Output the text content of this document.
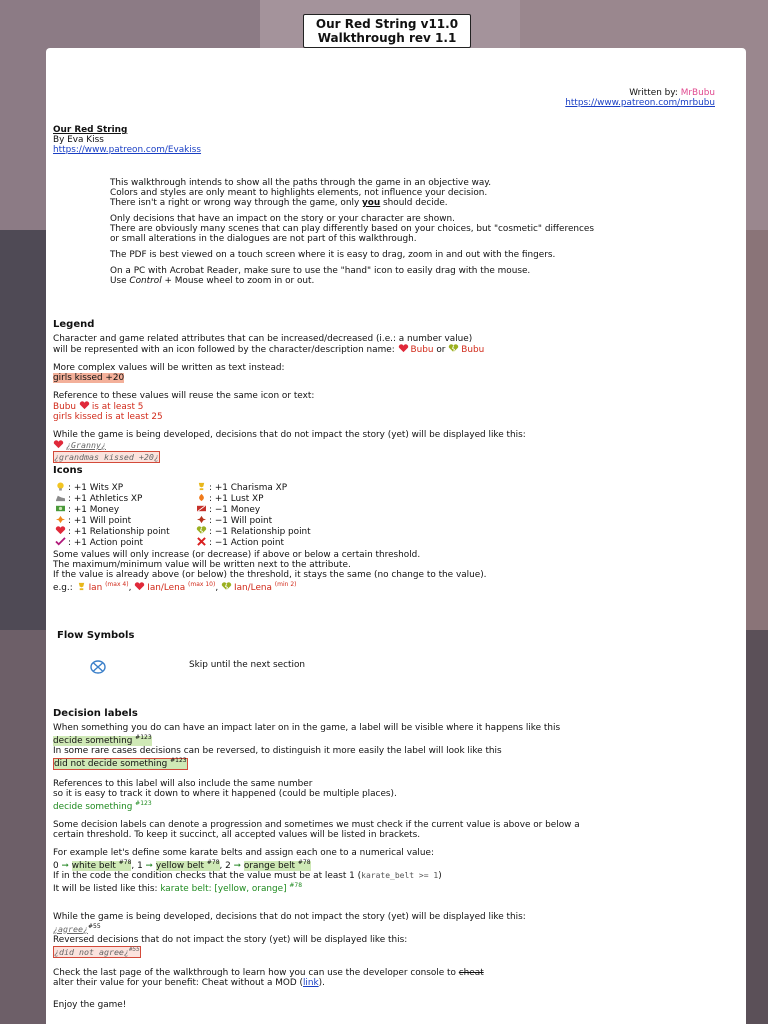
Our Red String v11.0
Walkthrough rev 1.1
Written by: MrBubu
https://www.patreon.com/mrbubu
Our Red String
By Eva Kiss
https://www.patreon.com/Evakiss
This walkthrough intends to show all the paths through the game in an objective way.
Colors and styles are only meant to highlights elements, not influence your decision.
There isn't a right or wrong way through the game, only you should decide.
Only decisions that have an impact on the story or your character are shown.
There are obviously many scenes that can play differently based on your choices, but "cosmetic" differences
or small alterations in the dialogues are not part of this walkthrough.
The PDF is best viewed on a touch screen where it is easy to drag, zoom in and out with the fingers.
On a PC with Acrobat Reader, make sure to use the "hand" icon to easily drag with the mouse.
Use Control + Mouse wheel to zoom in or out.
Legend
Character and game related attributes that can be increased/decreased (i.e.: a number value)
will be represented with an icon followed by the character/description name: Bubu or Bubu
More complex values will be written as text instead:
girls kissed +20
Reference to these values will reuse the same icon or text:
Bubu is at least 5
girls kissed is at least 25
While the game is being developed, decisions that do not impact the story (yet) will be displayed like this:
¿Granny¿
¿grandmas kissed +20¿
Icons
: +1 Wits XP
: +1 Athletics XP
: +1 Money
: +1 Will point
: +1 Relationship point
: +1 Action point
: +1 Charisma XP
: +1 Lust XP
: −1 Money
: −1 Will point
: −1 Relationship point
: −1 Action point
Some values will only increase (or decrease) if above or below a certain threshold.
The maximum/minimum value will be written next to the attribute.
If the value is already above (or below) the threshold, it stays the same (no change to the value).
e.g.: Ian $^{(max 4)}$, Ian/Lena $^{(max 10)}$, Ian/Lena $^{(min 2)}$
Flow Symbols
Skip until the next section
Decision labels
When something you do can have an impact later on in the game, a label will be visible where it happens like this
decide something $^{\#123}$
In some rare cases decisions can be reversed, to distinguish it more easily the label will look like this
did not decide something $^{\#123}$
References to this label will also include the same number
so it is easy to track it down to where it happened (could be multiple places).
decide something $^{\#123}$
Some decision labels can denote a progression and sometimes we must check if the current value is above or below a
certain threshold. To keep it succinct, all accepted values will be listed in brackets.
For example let's define some karate belts and assign each one to a numerical value:
0 ➞ white belt $^{\#78}$, 1 ➞ yellow belt $^{\#78}$, 2 ➞ orange belt $^{\#78}$
If in the code the condition checks that the value must be at least 1 (karate_belt >= 1)
It will be listed like this: karate belt: [yellow, orange] $^{\#78}$
While the game is being developed, decisions that do not impact the story (yet) will be displayed like this:
¿agree¿$^{\#55}$
Reversed decisions that do not impact the story (yet) will be displayed like this:
¿did not agree¿$^{\#55}$
Check the last page of the walkthrough to learn how you can use the developer console to cheat
alter their value for your benefit: Cheat without a MOD (link).
Enjoy the game!
